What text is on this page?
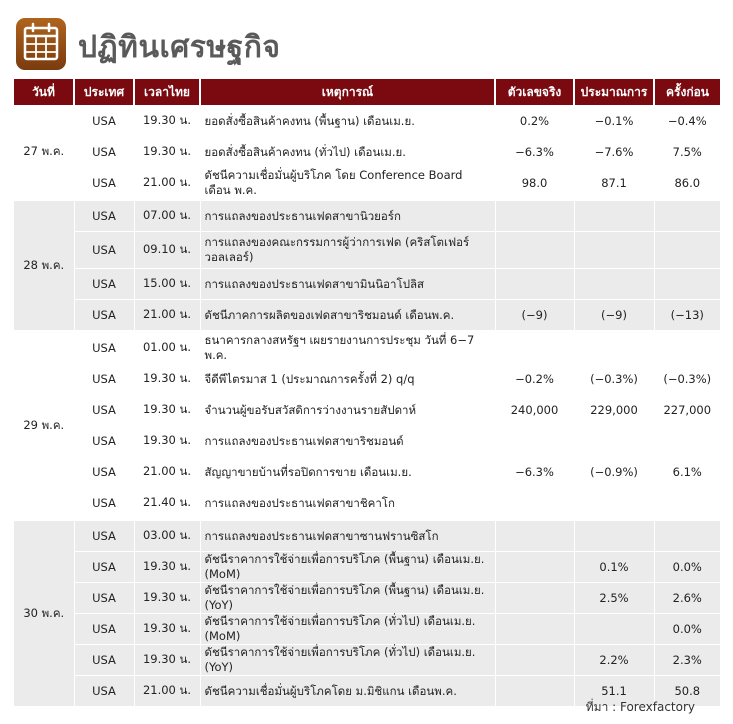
ปฏิทินเศรษฐกิจ
วันที่	ประเทศ	เวลาไทย	เหตุการณ์	ตัวเลขจริง	ประมาณการ	ครั้งก่อน
27 พ.ค.	USA	19.30 น.	ยอดสั่งซื้อสินค้าคงทน (พื้นฐาน) เดือนเม.ย.	0.2%	−0.1%	−0.4%
	USA	19.30 น.	ยอดสั่งซื้อสินค้าคงทน (ทั่วไป) เดือนเม.ย.	−6.3%	−7.6%	7.5%
	USA	21.00 น.	ดัชนีความเชื่อมั่นผู้บริโภค โดย Conference Board เดือน พ.ค.	98.0	87.1	86.0

28 พ.ค.	USA	07.00 น.	การแถลงของประธานเฟดสาขานิวยอร์ก			
	USA	09.10 น.	การแถลงของคณะกรรมการผู้ว่าการเฟด (คริสโตเฟอร์ วอลเลอร์)			
	USA	15.00 น.	การแถลงของประธานเฟดสาขามินนิอาโปลิส			
	USA	21.00 น.	ดัชนีภาคการผลิตของเฟดสาขาริชมอนด์ เดือนพ.ค.	(−9)	(−9)	(−13)

29 พ.ค.	USA	01.00 น.	ธนาคารกลางสหรัฐฯ เผยรายงานการประชุม วันที่ 6−7 พ.ค.			
	USA	19.30 น.	จีดีพีไตรมาส 1 (ประมาณการครั้งที่ 2) q/q	−0.2%	(−0.3%)	(−0.3%)
	USA	19.30 น.	จำนวนผู้ขอรับสวัสดิการว่างงานรายสัปดาห์	240,000	229,000	227,000
	USA	19.30 น.	การแถลงของประธานเฟดสาขาริชมอนด์			
	USA	21.00 น.	สัญญาขายบ้านที่รอปิดการขาย เดือนเม.ย.	−6.3%	(−0.9%)	6.1%
	USA	21.40 น.	การแถลงของประธานเฟดสาขาชิคาโก			

30 พ.ค.	USA	03.00 น.	การแถลงของประธานเฟดสาขาซานฟรานซิสโก			
	USA	19.30 น.	ดัชนีราคาการใช้จ่ายเพื่อการบริโภค (พื้นฐาน) เดือนเม.ย. (MoM)		0.1%	0.0%
	USA	19.30 น.	ดัชนีราคาการใช้จ่ายเพื่อการบริโภค (พื้นฐาน) เดือนเม.ย. (YoY)		2.5%	2.6%
	USA	19.30 น.	ดัชนีราคาการใช้จ่ายเพื่อการบริโภค (ทั่วไป) เดือนเม.ย. (MoM)			0.0%
	USA	19.30 น.	ดัชนีราคาการใช้จ่ายเพื่อการบริโภค (ทั่วไป) เดือนเม.ย. (YoY)		2.2%	2.3%
	USA	21.00 น.	ดัชนีความเชื่อมั่นผู้บริโภคโดย ม.มิชิแกน เดือนพ.ค.		51.1	50.8
ที่มา : Forexfactory
